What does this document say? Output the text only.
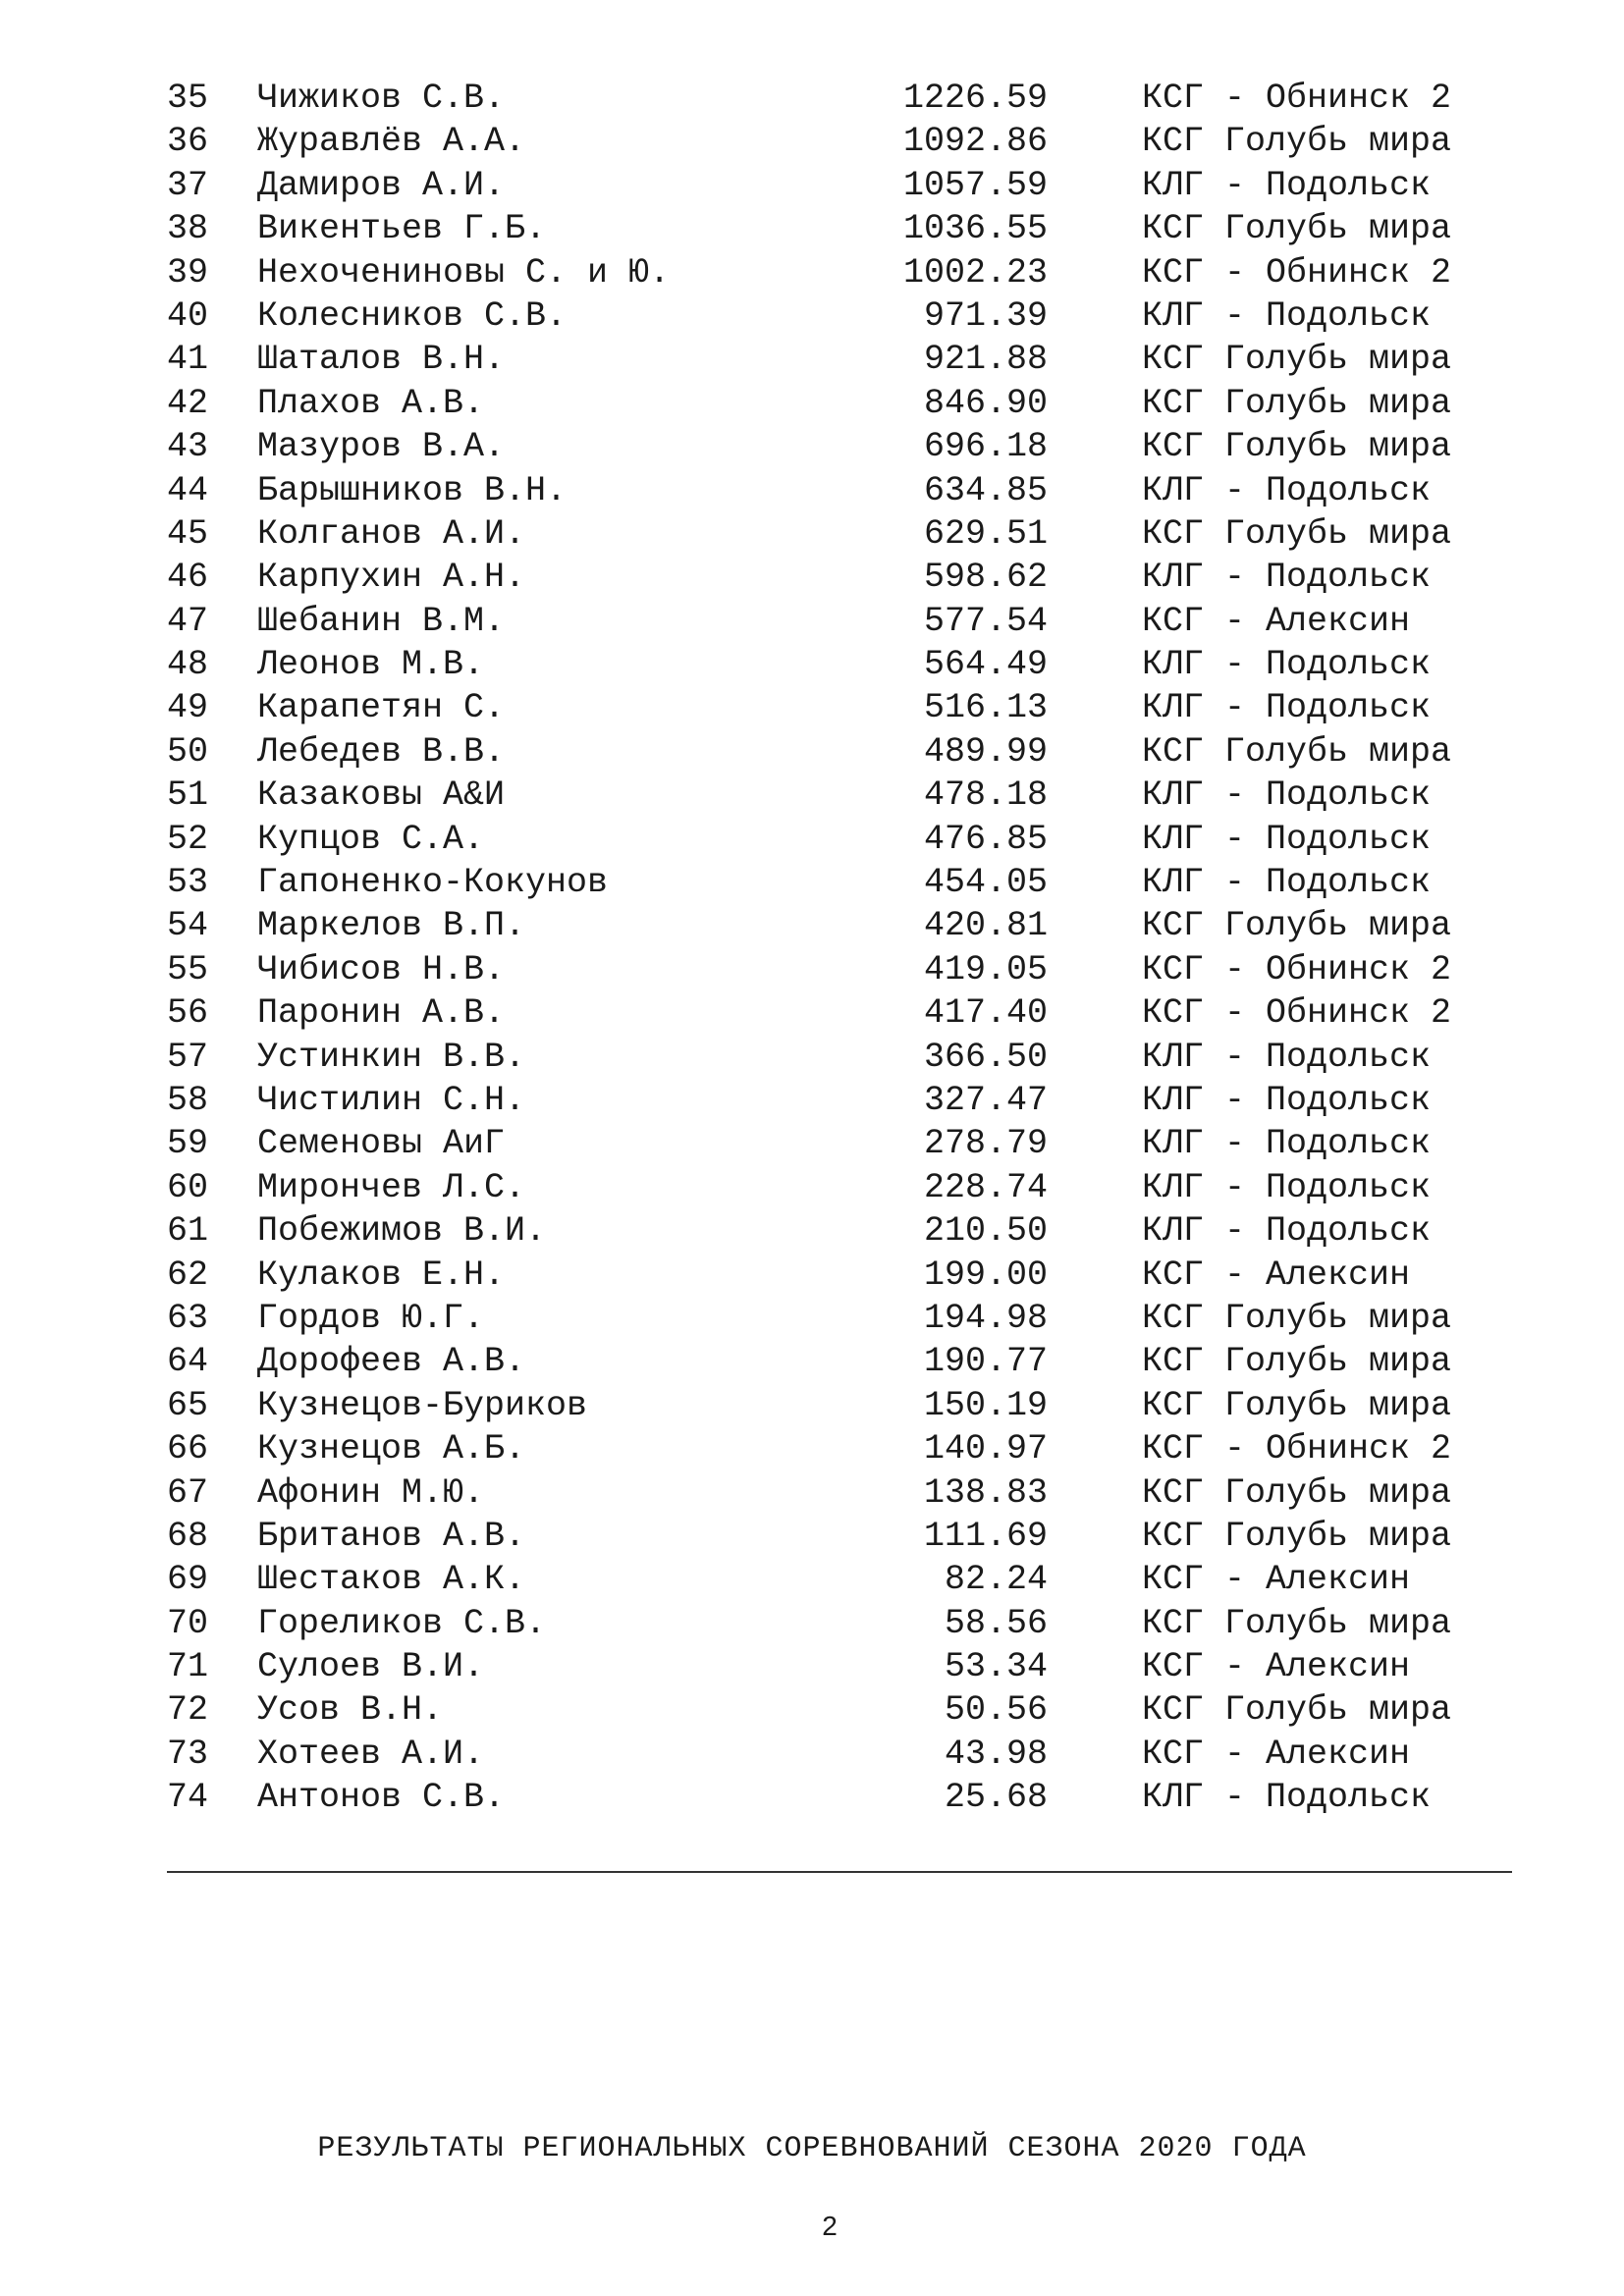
35 Чижиков С.В.	1226.59	КСГ - Обнинск 2
36 Журавлёв А.А.	1092.86	КСГ Голубь мира
37 Дамиров А.И.	1057.59	КЛГ - Подольск
38 Викентьев Г.Б.	1036.55	КСГ Голубь мира
39 Нехочениновы С. и Ю.	1002.23	КСГ - Обнинск 2
40 Колесников С.В.	971.39	КЛГ - Подольск
41 Шаталов В.Н.	921.88	КСГ Голубь мира
42 Плахов А.В.	846.90	КСГ Голубь мира
43 Мазуров В.А.	696.18	КСГ Голубь мира
44 Барышников В.Н.	634.85	КЛГ - Подольск
45 Колганов А.И.	629.51	КСГ Голубь мира
46 Карпухин А.Н.	598.62	КЛГ - Подольск
47 Шебанин В.М.	577.54	КСГ - Алексин
48 Леонов М.В.	564.49	КЛГ - Подольск
49 Карапетян С.	516.13	КЛГ - Подольск
50 Лебедев В.В.	489.99	КСГ Голубь мира
51 Казаковы А&И	478.18	КЛГ - Подольск
52 Купцов С.А.	476.85	КЛГ - Подольск
53 Гапоненко-Кокунов	454.05	КЛГ - Подольск
54 Маркелов В.П.	420.81	КСГ Голубь мира
55 Чибисов Н.В.	419.05	КСГ - Обнинск 2
56 Паронин А.В.	417.40	КСГ - Обнинск 2
57 Устинкин В.В.	366.50	КЛГ - Подольск
58 Чистилин С.Н.	327.47	КЛГ - Подольск
59 Семеновы АиГ	278.79	КЛГ - Подольск
60 Мирончев Л.С.	228.74	КЛГ - Подольск
61 Побежимов В.И.	210.50	КЛГ - Подольск
62 Кулаков Е.Н.	199.00	КСГ - Алексин
63 Гордов Ю.Г.	194.98	КСГ Голубь мира
64 Дорофеев А.В.	190.77	КСГ Голубь мира
65 Кузнецов-Буриков	150.19	КСГ Голубь мира
66 Кузнецов А.Б.	140.97	КСГ - Обнинск 2
67 Афонин М.Ю.	138.83	КСГ Голубь мира
68 Британов А.В.	111.69	КСГ Голубь мира
69 Шестаков А.К.	82.24	КСГ - Алексин
70 Гореликов С.В.	58.56	КСГ Голубь мира
71 Сулоев В.И.	53.34	КСГ - Алексин
72 Усов В.Н.	50.56	КСГ Голубь мира
73 Хотеев А.И.	43.98	КСГ - Алексин
74 Антонов С.В.	25.68	КЛГ - Подольск
РЕЗУЛЬТАТЫ РЕГИОНАЛЬНЫХ СОРЕВНОВАНИЙ СЕЗОНА 2020 ГОДА
2
